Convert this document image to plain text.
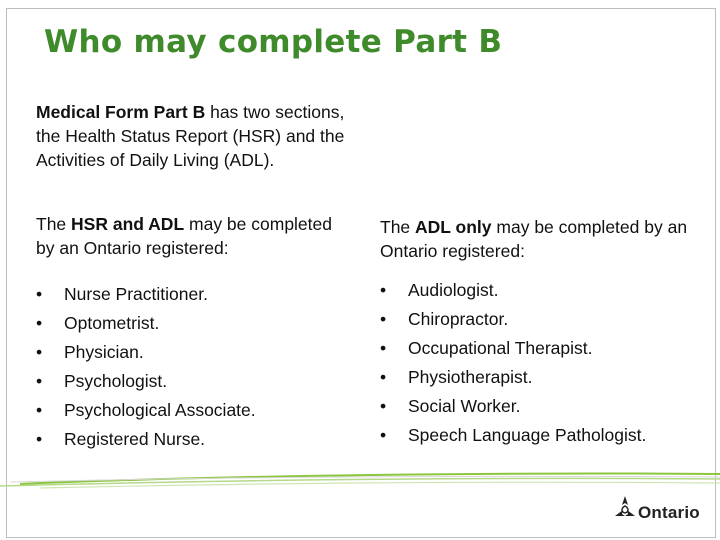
Who may complete Part B
Medical Form Part B has two sections, the Health Status Report (HSR) and the Activities of Daily Living (ADL).
The HSR and ADL may be completed by an Ontario registered:
• Nurse Practitioner.
• Optometrist.
• Physician.
• Psychologist.
• Psychological Associate.
• Registered Nurse.
The ADL only may be completed by an Ontario registered:
• Audiologist.
• Chiropractor.
• Occupational Therapist.
• Physiotherapist.
• Social Worker.
• Speech Language Pathologist.
Ontario
